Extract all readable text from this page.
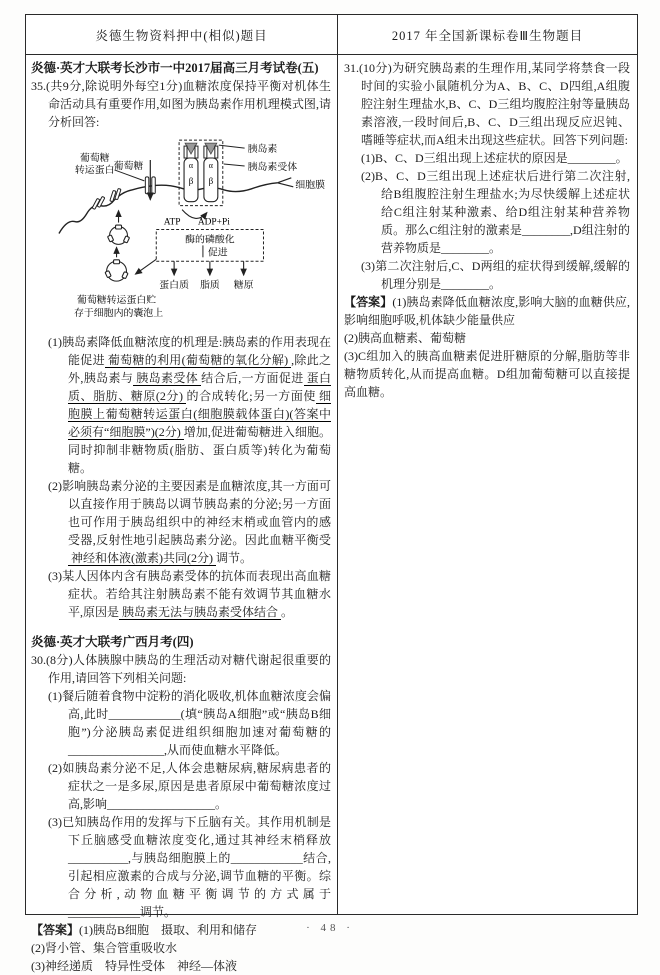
炎德生物资料押中(相似)题目	2017 年全国新课标卷Ⅲ生物题目

炎德·英才大联考长沙市一中2017届高三月考试卷(五)

35.(共9分,除说明外每空1分)血糖浓度保持平衡对机体生命活动具有重要作用,如图为胰岛素作用机理模式图,请分析回答:

葡萄糖
葡萄糖
转运蛋白	α
β
α
β
胰岛素
胰岛素受体
细胞膜
ATP ADP+Pi
酶的磷酸化
促进
蛋白质 脂质 糖原
葡萄糖转运蛋白贮
存于细胞内的囊泡上

(1)胰岛素降低血糖浓度的机理是:胰岛素的作用表现在能促进 葡萄糖的利用(葡萄糖的氧化分解) ,除此之外,胰岛素与 胰岛素受体 结合后,一方面促进 蛋白质、脂肪、糖原(2分) 的合成转化;另一方面使 细胞膜上葡萄糖转运蛋白(细胞膜载体蛋白)(答案中必须有“细胞膜”)(2分) 增加,促进葡萄糖进入细胞。同时抑制非糖物质(脂肪、蛋白质等)转化为葡萄糖。

(2)影响胰岛素分泌的主要因素是血糖浓度,其一方面可以直接作用于胰岛以调节胰岛素的分泌;另一方面也可作用于胰岛组织中的神经末梢或血管内的感受器,反射性地引起胰岛素分泌。因此血糖平衡受神经和体液(激素)共同(2分) 调节。

(3)某人因体内含有胰岛素受体的抗体而表现出高血糖症状。若给其注射胰岛素不能有效调节其血糖水平,原因是 胰岛素无法与胰岛素受体结合 。

炎德·英才大联考广西月考(四)

30.(8分)人体胰腺中胰岛的生理活动对糖代谢起很重要的作用,请回答下列相关问题:

(1)餐后随着食物中淀粉的消化吸收,机体血糖浓度会偏高,此时____________(填“胰岛A细胞”或“胰岛B细胞”)分泌胰岛素促进组织细胞加速对葡萄糖的________________,从而使血糖水平降低。

(2)如胰岛素分泌不足,人体会患糖尿病,糖尿病患者的症状之一是多尿,原因是患者原尿中葡萄糖浓度过高,影响__________________。

(3)已知胰岛作用的发挥与下丘脑有关。其作用机制是下丘脑感受血糖浓度变化,通过其神经末梢释放__________,与胰岛细胞膜上的____________结合,引起相应激素的合成与分泌,调节血糖的平衡。综合分析,动物血糖平衡调节的方式属于____________调节。

【答案】(1)胰岛B细胞　摄取、利用和储存

(2)肾小管、集合管重吸收水

(3)神经递质　特异性受体　神经—体液

31.(10分)为研究胰岛素的生理作用,某同学将禁食一段时间的实验小鼠随机分为A、B、C、D四组,A组腹腔注射生理盐水,B、C、D三组均腹腔注射等量胰岛素溶液,一段时间后,B、C、D三组出现反应迟钝、嗜睡等症状,而A组未出现这些症状。回答下列问题:

(1)B、C、D三组出现上述症状的原因是________。

(2)B、C、D三组出现上述症状后进行第二次注射,给B组腹腔注射生理盐水;为尽快缓解上述症状给C组注射某种激素、给D组注射某种营养物质。那么C组注射的激素是________,D组注射的营养物质是________。

(3)第二次注射后,C、D两组的症状得到缓解,缓解的机理分别是________。

【答案】(1)胰岛素降低血糖浓度,影响大脑的血糖供应,影响细胞呼吸,机体缺少能量供应

(2)胰高血糖素、葡萄糖

(3)C组加入的胰高血糖素促进肝糖原的分解,脂肪等非糖物质转化,从而提高血糖。D组加葡萄糖可以直接提高血糖。

· 48 ·
